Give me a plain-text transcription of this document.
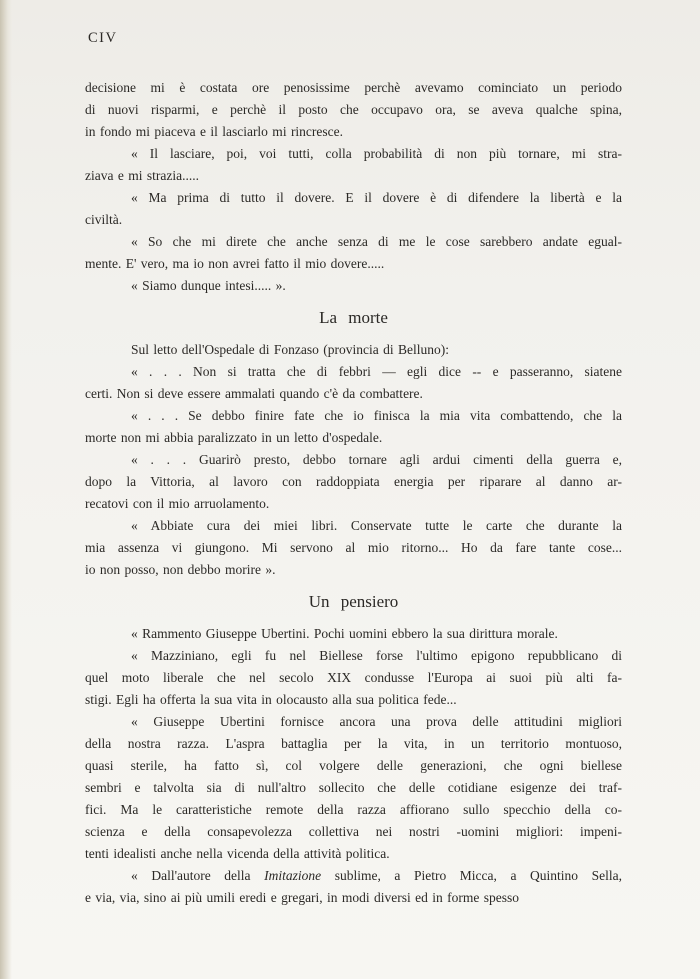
CIV
decisione mi è costata ore penosissime perchè avevamo cominciato un periodo
di nuovi risparmi, e perchè il posto che occupavo ora, se aveva qualche spina,
in fondo mi piaceva e il lasciarlo mi rincresce.
« Il lasciare, poi, voi tutti, colla probabilità di non più tornare, mi stra-
ziava e mi strazia.....
« Ma prima di tutto il dovere. E il dovere è di difendere la libertà e la
civiltà.
« So che mi direte che anche senza di me le cose sarebbero andate egual-
mente. E' vero, ma io non avrei fatto il mio dovere.....
« Siamo dunque intesi..... ».
La morte
Sul letto dell'Ospedale di Fonzaso (provincia di Belluno):
« . . . Non si tratta che di febbri — egli dice -- e passeranno, siatene
certi. Non si deve essere ammalati quando c'è da combattere.
« . . . Se debbo finire fate che io finisca la mia vita combattendo, che la
morte non mi abbia paralizzato in un letto d'ospedale.
« . . . Guarirò presto, debbo tornare agli ardui cimenti della guerra e,
dopo la Vittoria, al lavoro con raddoppiata energia per riparare al danno ar-
recatovi con il mio arruolamento.
« Abbiate cura dei miei libri. Conservate tutte le carte che durante la
mia assenza vi giungono. Mi servono al mio ritorno... Ho da fare tante cose...
io non posso, non debbo morire ».
Un pensiero
« Rammento Giuseppe Ubertini. Pochi uomini ebbero la sua dirittura morale.
« Mazziniano, egli fu nel Biellese forse l'ultimo epigono repubblicano di
quel moto liberale che nel secolo XIX condusse l'Europa ai suoi più alti fa-
stigi. Egli ha offerta la sua vita in olocausto alla sua politica fede...
« Giuseppe Ubertini fornisce ancora una prova delle attitudini migliori
della nostra razza. L'aspra battaglia per la vita, in un territorio montuoso,
quasi sterile, ha fatto sì, col volgere delle generazioni, che ogni biellese
sembri e talvolta sia di null'altro sollecito che delle cotidiane esigenze dei traf-
fici. Ma le caratteristiche remote della razza affiorano sullo specchio della co-
scienza e della consapevolezza collettiva nei nostri -uomini migliori: impeni-
tenti idealisti anche nella vicenda della attività politica.
« Dall'autore della Imitazione sublime, a Pietro Micca, a Quintino Sella,
e via, via, sino ai più umili eredi e gregari, in modi diversi ed in forme spesso
